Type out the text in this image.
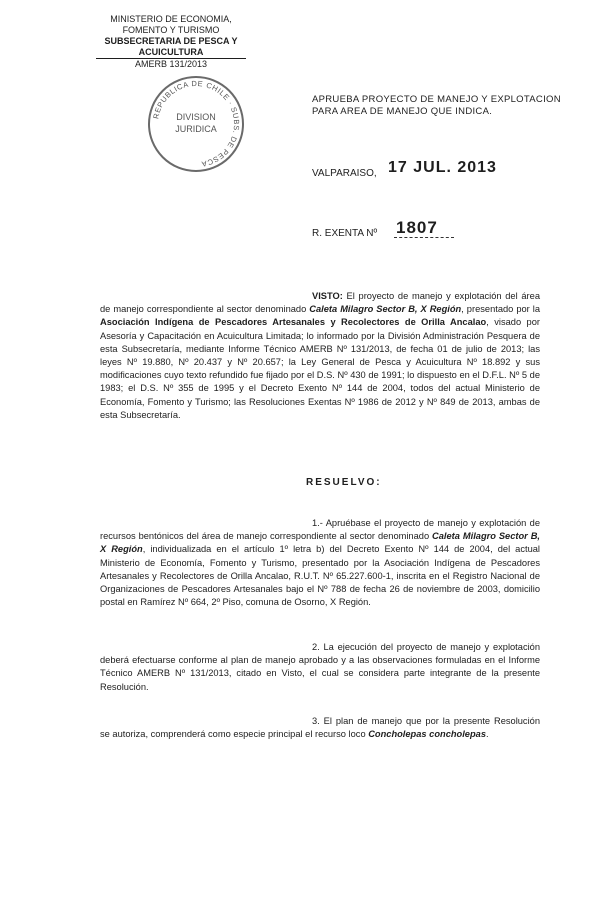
MINISTERIO DE ECONOMIA,
FOMENTO Y TURISMO
SUBSECRETARIA DE PESCA Y ACUICULTURA
AMERB 131/2013
REPUBLICA DE CHILE · SUBS. DE PESCA
DIVISION
JURIDICA
APRUEBA PROYECTO DE MANEJO Y EXPLOTACION
PARA AREA DE MANEJO QUE INDICA.
VALPARAISO, 17 JUL. 2013
R. EXENTA Nº 1807
VISTO: El proyecto de manejo y explotación del área de manejo correspondiente al sector denominado Caleta Milagro Sector B, X Región, presentado por la Asociación Indígena de Pescadores Artesanales y Recolectores de Orilla Ancalao, visado por Asesoría y Capacitación en Acuicultura Limitada; lo informado por la División Administración Pesquera de esta Subsecretaría, mediante Informe Técnico AMERB Nº 131/2013, de fecha 01 de julio de 2013; las leyes Nº 19.880, Nº 20.437 y Nº 20.657; la Ley General de Pesca y Acuicultura Nº 18.892 y sus modificaciones cuyo texto refundido fue fijado por el D.S. Nº 430 de 1991; lo dispuesto en el D.F.L. Nº 5 de 1983; el D.S. Nº 355 de 1995 y el Decreto Exento Nº 144 de 2004, todos del actual Ministerio de Economía, Fomento y Turismo; las Resoluciones Exentas Nº 1986 de 2012 y Nº 849 de 2013, ambas de esta Subsecretaría.
RESUELVO:
1.- Apruébase el proyecto de manejo y explotación de recursos bentónicos del área de manejo correspondiente al sector denominado Caleta Milagro Sector B, X Región, individualizada en el artículo 1º letra b) del Decreto Exento Nº 144 de 2004, del actual Ministerio de Economía, Fomento y Turismo, presentado por la Asociación Indígena de Pescadores Artesanales y Recolectores de Orilla Ancalao, R.U.T. Nº 65.227.600-1, inscrita en el Registro Nacional de Organizaciones de Pescadores Artesanales bajo el Nº 788 de fecha 26 de noviembre de 2003, domicilio postal en Ramírez Nº 664, 2º Piso, comuna de Osorno, X Región.
2. La ejecución del proyecto de manejo y explotación deberá efectuarse conforme al plan de manejo aprobado y a las observaciones formuladas en el Informe Técnico AMERB Nº 131/2013, citado en Visto, el cual se considera parte integrante de la presente Resolución.
3. El plan de manejo que por la presente Resolución se autoriza, comprenderá como especie principal el recurso loco Concholepas concholepas.
